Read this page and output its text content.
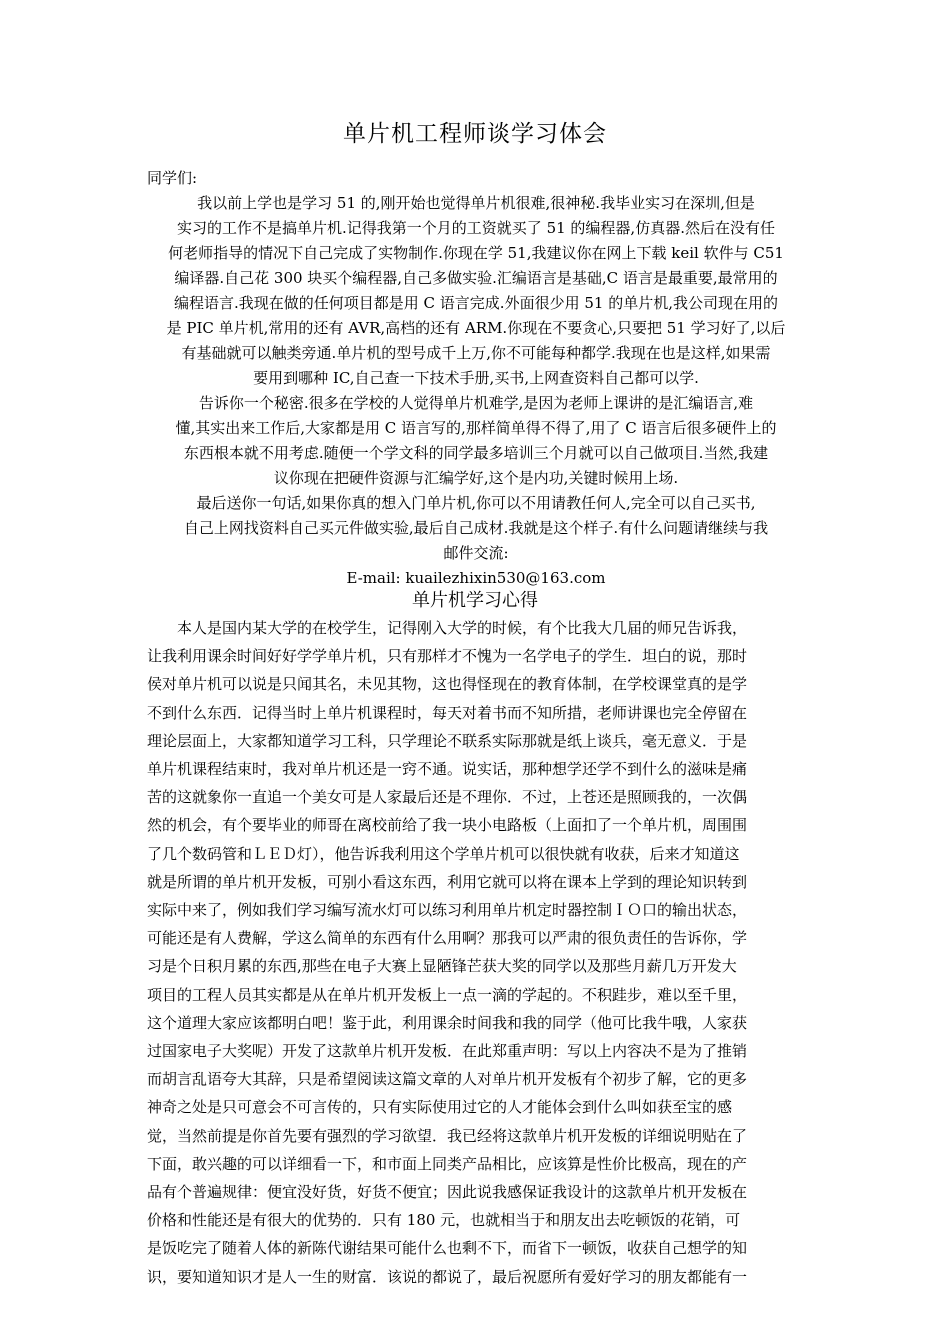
单片机工程师谈学习体会
同学们:
我以前上学也是学习 51 的,刚开始也觉得单片机很难,很神秘.我毕业实习在深圳,但是
实习的工作不是搞单片机.记得我第一个月的工资就买了 51 的编程器,仿真器.然后在没有任
何老师指导的情况下自己完成了实物制作.你现在学 51,我建议你在网上下载 keil 软件与 C51
编译器.自己花 300 块买个编程器,自己多做实验.汇编语言是基础,C 语言是最重要,最常用的
编程语言.我现在做的任何项目都是用 C 语言完成.外面很少用 51 的单片机,我公司现在用的
是 PIC 单片机,常用的还有 AVR,高档的还有 ARM.你现在不要贪心,只要把 51 学习好了,以后
有基础就可以触类旁通.单片机的型号成千上万,你不可能每种都学.我现在也是这样,如果需
要用到哪种 IC,自己查一下技术手册,买书,上网查资料自己都可以学.
告诉你一个秘密.很多在学校的人觉得单片机难学,是因为老师上课讲的是汇编语言,难
懂,其实出来工作后,大家都是用 C 语言写的,那样简单得不得了,用了 C 语言后很多硬件上的
东西根本就不用考虑.随便一个学文科的同学最多培训三个月就可以自己做项目.当然,我建
议你现在把硬件资源与汇编学好,这个是内功,关键时候用上场.
最后送你一句话,如果你真的想入门单片机,你可以不用请教任何人,完全可以自己买书,
自己上网找资料自己买元件做实验,最后自己成材.我就是这个样子.有什么问题请继续与我
邮件交流:
E-mail: kuailezhixin530@163.com
单片机学习心得
本人是国内某大学的在校学生，记得刚入大学的时候，有个比我大几届的师兄告诉我，
让我利用课余时间好好学学单片机，只有那样才不愧为一名学电子的学生．坦白的说，那时
侯对单片机可以说是只闻其名，未见其物，这也得怪现在的教育体制，在学校课堂真的是学
不到什么东西．记得当时上单片机课程时，每天对着书而不知所措，老师讲课也完全停留在
理论层面上，大家都知道学习工科，只学理论不联系实际那就是纸上谈兵，毫无意义．于是
单片机课程结束时，我对单片机还是一窍不通。说实话，那种想学还学不到什么的滋味是痛
苦的这就象你一直追一个美女可是人家最后还是不理你．不过，上苍还是照顾我的，一次偶
然的机会，有个要毕业的师哥在离校前给了我一块小电路板（上面扣了一个单片机，周围围
了几个数码管和ＬＥＤ灯），他告诉我利用这个学单片机可以很快就有收获，后来才知道这
就是所谓的单片机开发板，可别小看这东西，利用它就可以将在课本上学到的理论知识转到
实际中来了，例如我们学习编写流水灯可以练习利用单片机定时器控制ＩＯ口的输出状态，
可能还是有人费解，学这么简单的东西有什么用啊？那我可以严肃的很负责任的告诉你，学
习是个日积月累的东西,那些在电子大赛上显陋锋芒获大奖的同学以及那些月薪几万开发大
项目的工程人员其实都是从在单片机开发板上一点一滴的学起的。不积跬步，难以至千里，
这个道理大家应该都明白吧！鉴于此，利用课余时间我和我的同学（他可比我牛哦，人家获
过国家电子大奖呢）开发了这款单片机开发板．在此郑重声明：写以上内容决不是为了推销
而胡言乱语夸大其辞，只是希望阅读这篇文章的人对单片机开发板有个初步了解，它的更多
神奇之处是只可意会不可言传的，只有实际使用过它的人才能体会到什么叫如获至宝的感
觉，当然前提是你首先要有强烈的学习欲望．我已经将这款单片机开发板的详细说明贴在了
下面，敢兴趣的可以详细看一下，和市面上同类产品相比，应该算是性价比极高，现在的产
品有个普遍规律：便宜没好货，好货不便宜；因此说我感保证我设计的这款单片机开发板在
价格和性能还是有很大的优势的．只有 180 元，也就相当于和朋友出去吃顿饭的花销，可
是饭吃完了随着人体的新陈代谢结果可能什么也剩不下，而省下一顿饭，收获自己想学的知
识，要知道知识才是人一生的财富．该说的都说了，最后祝愿所有爱好学习的朋友都能有一
